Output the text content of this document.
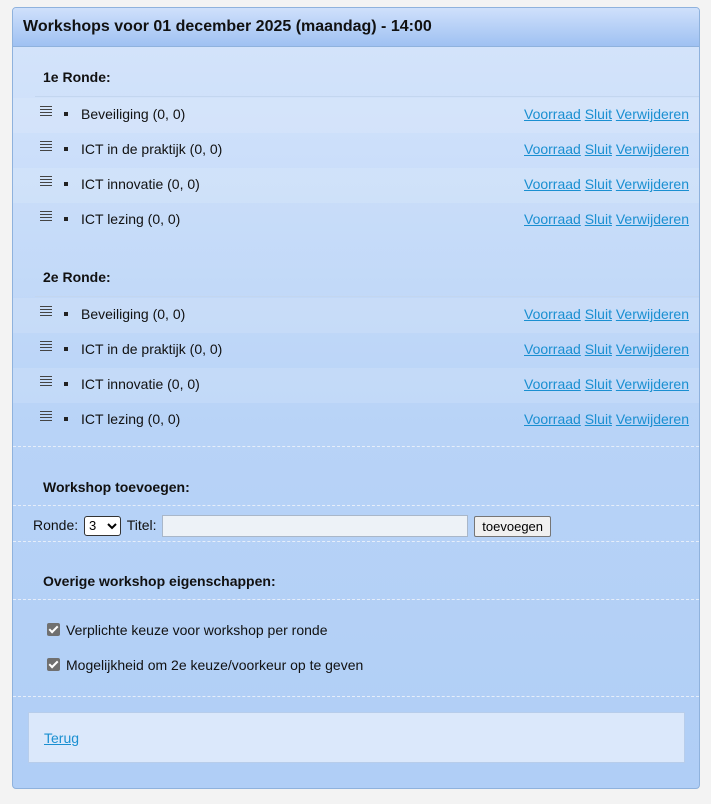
Workshops voor 01 december 2025 (maandag) - 14:00
1e Ronde:
Beveiliging (0, 0)	Voorraad Sluit Verwijderen
ICT in de praktijk (0, 0)	Voorraad Sluit Verwijderen
ICT innovatie (0, 0)	Voorraad Sluit Verwijderen
ICT lezing (0, 0)	Voorraad Sluit Verwijderen
2e Ronde:
Beveiliging (0, 0)	Voorraad Sluit Verwijderen
ICT in de praktijk (0, 0)	Voorraad Sluit Verwijderen
ICT innovatie (0, 0)	Voorraad Sluit Verwijderen
ICT lezing (0, 0)	Voorraad Sluit Verwijderen
Workshop toevoegen:
Ronde:
3	Titel:	toevoegen
Overige workshop eigenschappen:
Verplichte keuze voor workshop per ronde
Mogelijkheid om 2e keuze/voorkeur op te geven
Terug
